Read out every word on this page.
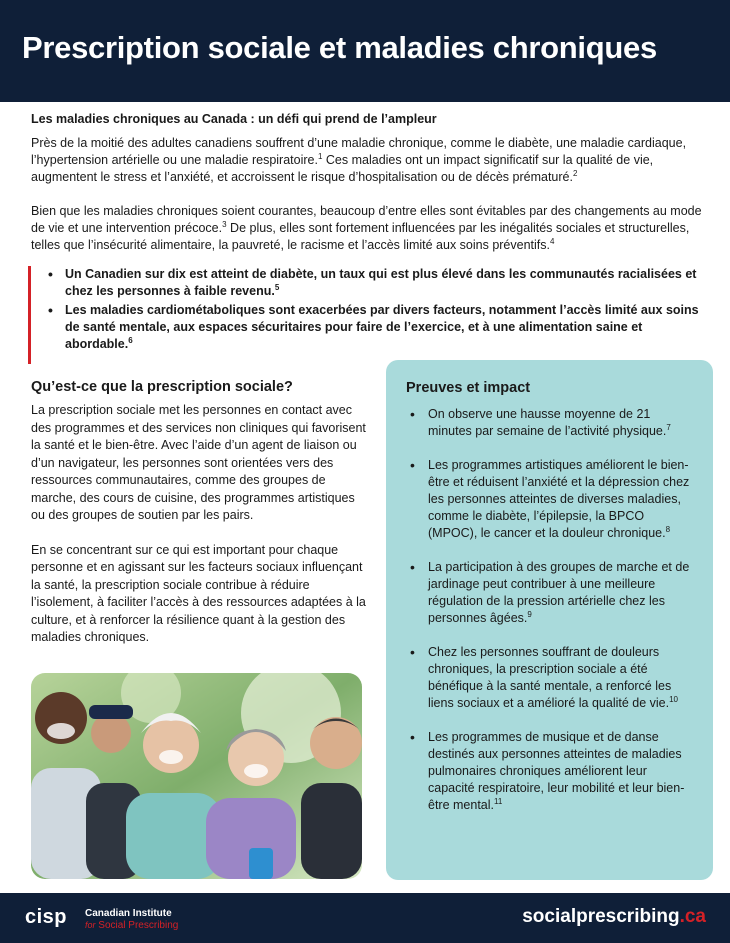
Prescription sociale et maladies chroniques
Les maladies chroniques au Canada : un défi qui prend de l’ampleur

Près de la moitié des adultes canadiens souffrent d’une maladie chronique, comme le diabète, une maladie cardiaque, l’hypertension artérielle ou une maladie respiratoire.$^1$ Ces maladies ont un impact significatif sur la qualité de vie, augmentent le stress et l’anxiété, et accroissent le risque d’hospitalisation ou de décès prématuré.$^2$

Bien que les maladies chroniques soient courantes, beaucoup d’entre elles sont évitables par des changements au mode de vie et une intervention précoce.$^3$ De plus, elles sont fortement influencées par les inégalités sociales et structurelles, telles que l’insécurité alimentaire, la pauvreté, le racisme et l’accès limité aux soins préventifs.$^4$

• Un Canadien sur dix est atteint de diabète, un taux qui est plus élevé dans les communautés racialisées et chez les personnes à faible revenu.$^5$
• Les maladies cardiométaboliques sont exacerbées par divers facteurs, notamment l’accès limité aux soins de santé mentale, aux espaces sécuritaires pour faire de l’exercice, et à une alimentation saine et abordable.$^6$
Qu’est-ce que la prescription sociale?

La prescription sociale met les personnes en contact avec des programmes et des services non cliniques qui favorisent la santé et le bien-être. Avec l’aide d’un agent de liaison ou d’un navigateur, les personnes sont orientées vers des ressources communautaires, comme des groupes de marche, des cours de cuisine, des programmes artistiques ou des groupes de soutien par les pairs.

En se concentrant sur ce qui est important pour chaque personne et en agissant sur les facteurs sociaux influençant la santé, la prescription sociale contribue à réduire l’isolement, à faciliter l’accès à des ressources adaptées à la culture, et à renforcer la résilience quant à la gestion des maladies chroniques.

Preuves et impact
• On observe une hausse moyenne de 21 minutes par semaine de l’activité physique.$^7$
• Les programmes artistiques améliorent le bien-être et réduisent l’anxiété et la dépression chez les personnes atteintes de diverses maladies, comme le diabète, l’épilepsie, la BPCO (MPOC), le cancer et la douleur chronique.$^8$
• La participation à des groupes de marche et de jardinage peut contribuer à une meilleure régulation de la pression artérielle chez les personnes âgées.$^9$
• Chez les personnes souffrant de douleurs chroniques, la prescription sociale a été bénéfique à la santé mentale, a renforcé les liens sociaux et a amélioré la qualité de vie.$^{10}$
• Les programmes de musique et de danse destinés aux personnes atteintes de maladies pulmonaires chroniques améliorent leur capacité respiratoire, leur mobilité et leur bien-être mental.$^{11}$
cisp Canadian Institute
for Social Prescribing	socialprescribing.ca
